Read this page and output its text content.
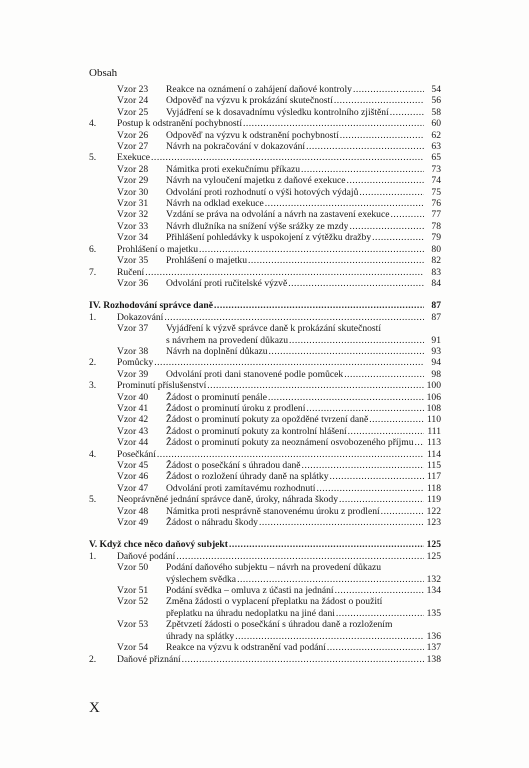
Obsah
Vzor 23	Reakce na oznámení o zahájení daňové kontroly .....	54
Vzor 24	Odpověď na výzvu k prokázání skutečností .....	56
Vzor 25	Vyjádření se k dosavadnímu výsledku kontrolního zjištění .....	58
4.	Postup k odstranění pochybností .....	60
Vzor 26	Odpověď na výzvu k odstranění pochybností .....	62
Vzor 27	Návrh na pokračování v dokazování .....	63
5.	Exekuce .....	65
Vzor 28	Námitka proti exekučnímu příkazu .....	73
Vzor 29	Návrh na vyloučení majetku z daňové exekuce .....	74
Vzor 30	Odvolání proti rozhodnutí o výši hotových výdajů .....	75
Vzor 31	Návrh na odklad exekuce .....	76
Vzor 32	Vzdání se práva na odvolání a návrh na zastavení exekuce .....	77
Vzor 33	Návrh dlužníka na snížení výše srážky ze mzdy .....	78
Vzor 34	Přihlášení pohledávky k uspokojení z výtěžku dražby .....	79
6.	Prohlášení o majetku .....	80
Vzor 35	Prohlášení o majetku .....	82
7.	Ručení .....	83
Vzor 36	Odvolání proti ručitelské výzvě .....	84
IV. Rozhodování správce daně .....	87
1.	Dokazování .....	87
Vzor 37	Vyjádření k výzvě správce daně k prokázání skutečností
s návrhem na provedení důkazu .....	91
Vzor 38	Návrh na doplnění důkazu .....	93
2.	Pomůcky .....	94
Vzor 39	Odvolání proti dani stanovené podle pomůcek .....	98
3.	Prominutí příslušenství .....	100
Vzor 40	Žádost o prominutí penále .....	106
Vzor 41	Žádost o prominutí úroku z prodlení .....	108
Vzor 42	Žádost o prominutí pokuty za opožděné tvrzení daně .....	110
Vzor 43	Žádost o prominutí pokuty za kontrolní hlášení .....	111
Vzor 44	Žádost o prominutí pokuty za neoznámení osvobozeného příjmu ..... 113
4.	Posečkání .....	114
Vzor 45	Žádost o posečkání s úhradou daně .....	115
Vzor 46	Žádost o rozložení úhrady daně na splátky .....	117
Vzor 47	Odvolání proti zamítavému rozhodnutí .....	118
5.	Neoprávněné jednání správce daně, úroky, náhrada škody .....	119
Vzor 48	Námitka proti nesprávně stanovenému úroku z prodlení .....	122
Vzor 49	Žádost o náhradu škody .....	123
V. Když chce něco daňový subjekt .....	125
1.	Daňové podání .....	125
Vzor 50	Podání daňového subjektu – návrh na provedení důkazu
výslechem svědka .....	132
Vzor 51	Podání svědka – omluva z účasti na jednání .....	134
Vzor 52	Změna žádosti o vyplacení přeplatku na žádost o použití
přeplatku na úhradu nedoplatku na jiné dani .....	135
Vzor 53	Zpětvzetí žádosti o posečkání s úhradou daně a rozložením
úhrady na splátky .....	136
Vzor 54	Reakce na výzvu k odstranění vad podání .....	137
2.	Daňové přiznání .....	138
X
